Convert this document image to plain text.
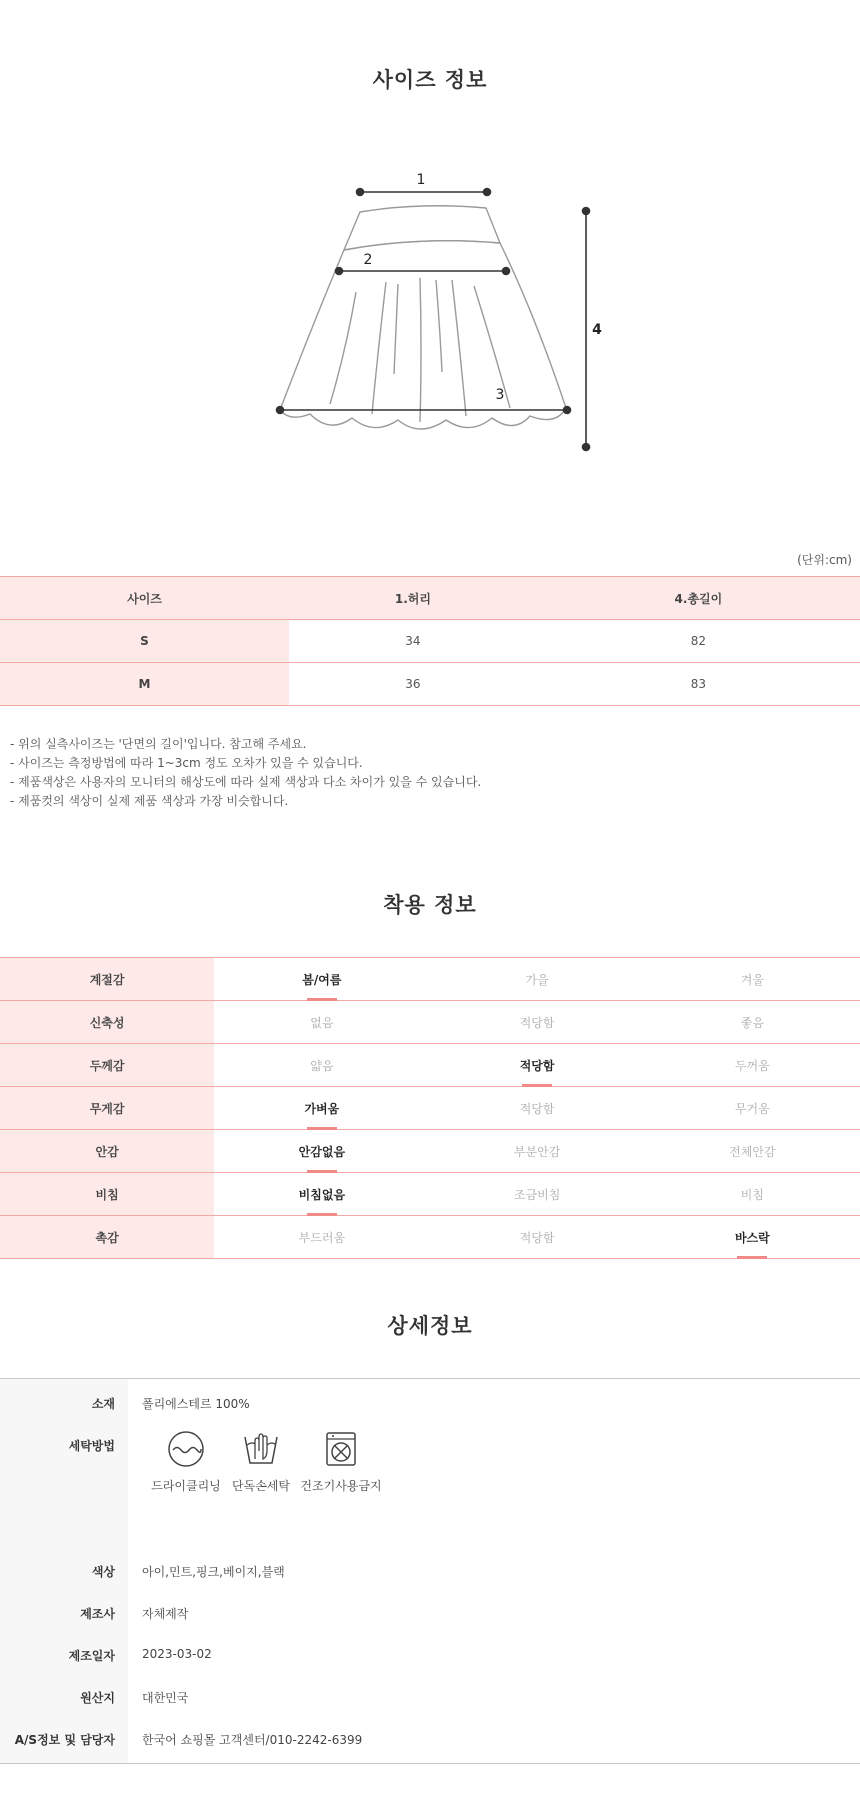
사이즈 정보
1
2
3
4
(단위:cm)
사이즈	1.허리	4.총길이
S	34	82
M	36	83
- 위의 실측사이즈는 '단면의 길이'입니다. 참고해 주세요.
- 사이즈는 측정방법에 따라 1~3cm 정도 오차가 있을 수 있습니다.
- 제품색상은 사용자의 모니터의 해상도에 따라 실제 색상과 다소 차이가 있을 수 있습니다.
- 제품컷의 색상이 실제 제품 색상과 가장 비슷합니다.
착용 정보
계절감	봄/여름	가을	겨울
신축성	없음	적당함	좋음
두께감	얇음	적당함	두꺼움
무게감	가벼움	적당함	무거움
안감	안감없음	부분안감	전체안감
비침	비침없음	조금비침	비침
촉감	부드러움	적당함	바스락
상세정보
소재 폴리에스테르 100%
세탁방법
드라이클리닝 단독손세탁 건조기사용금지
색상 아이,민트,핑크,베이지,블랙
제조사 자체제작
제조일자 2023-03-02
원산지 대한민국
A/S정보 및 담당자 한국어 쇼핑몰 고객센터/010-2242-6399
